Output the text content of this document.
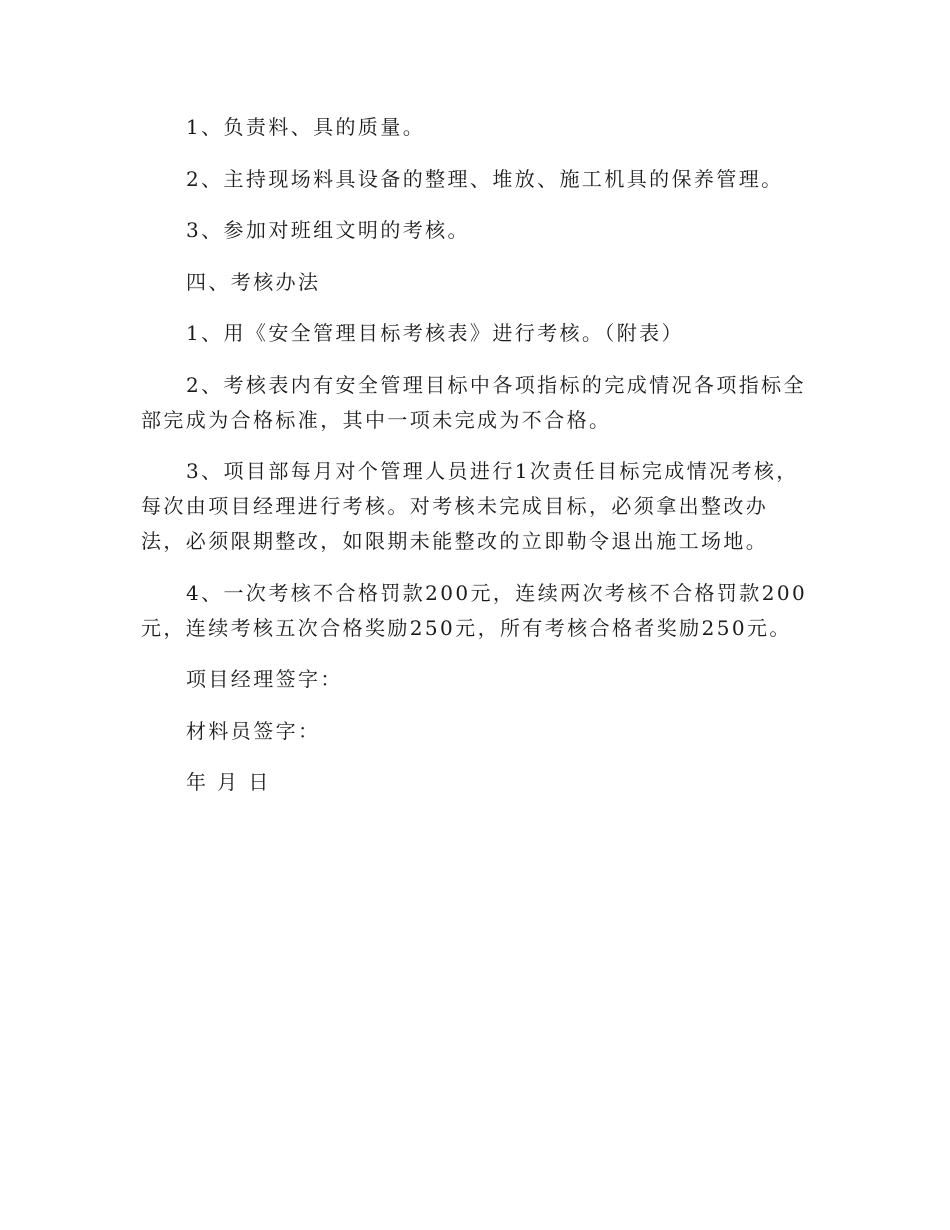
1、负责料、具的质量。

2、主持现场料具设备的整理、堆放、施工机具的保养管理。

3、参加对班组文明的考核。

四、考核办法

1、用《安全管理目标考核表》进行考核。（附表）

2、考核表内有安全管理目标中各项指标的完成情况各项指标全部完成为合格标准，其中一项未完成为不合格。

3、项目部每月对个管理人员进行1次责任目标完成情况考核，每次由项目经理进行考核。对考核未完成目标，必须拿出整改办法，必须限期整改，如限期未能整改的立即勒令退出施工场地。

4、一次考核不合格罚款200元，连续两次考核不合格罚款200元，连续考核五次合格奖励250元，所有考核合格者奖励250元。

项目经理签字：

材料员签字：

年 月 日
